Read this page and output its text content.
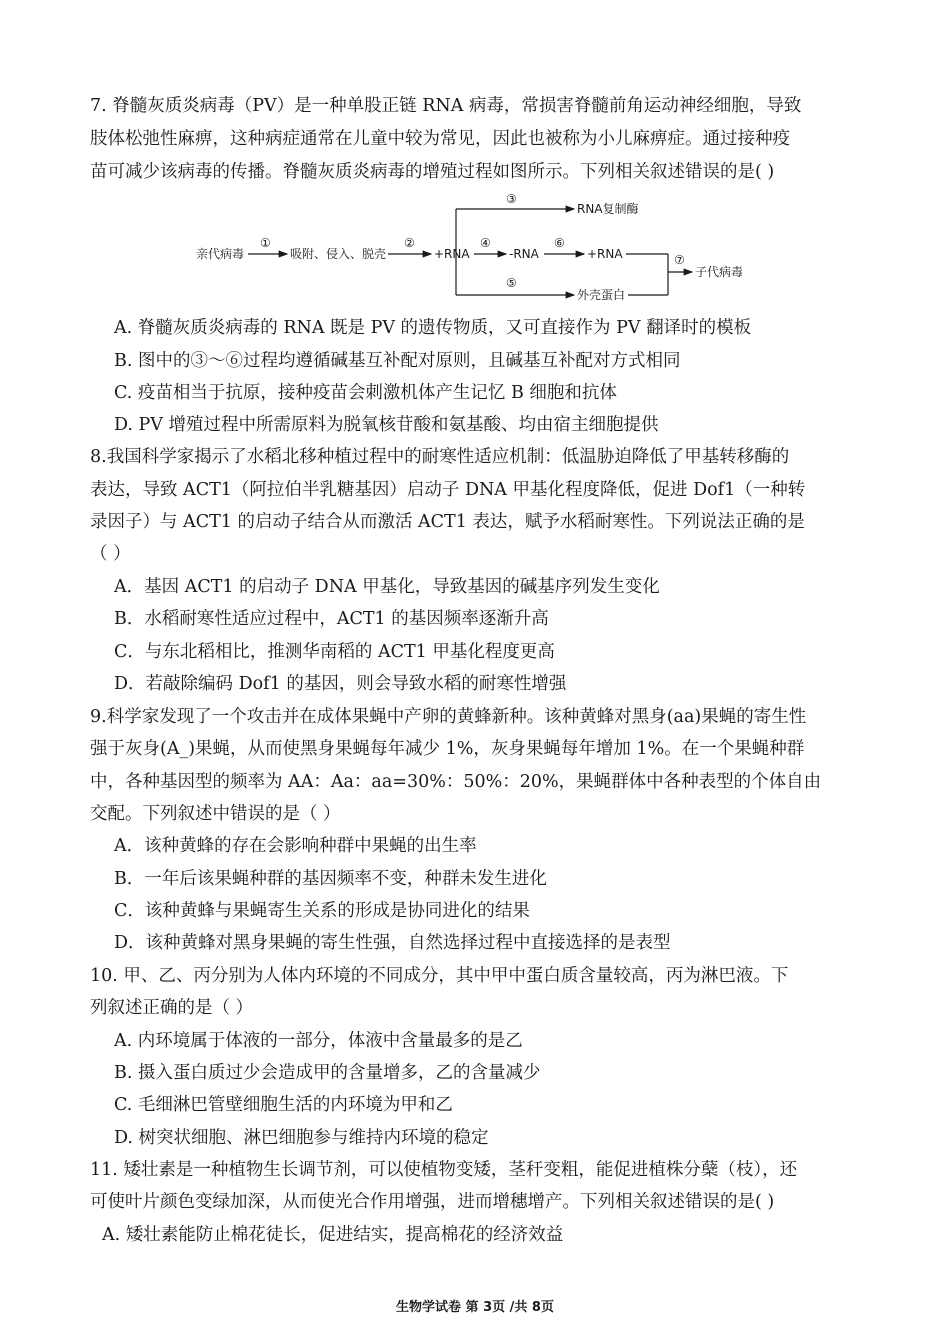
7. 脊髓灰质炎病毒（PV）是一种单股正链 RNA 病毒，常损害脊髓前角运动神经细胞，导致
肢体松弛性麻痹，这种病症通常在儿童中较为常见，因此也被称为小儿麻痹症。通过接种疫
苗可减少该病毒的传播。脊髓灰质炎病毒的增殖过程如图所示。下列相关叙述错误的是( )
亲代病毒
①
吸附、侵入、脱壳
②
+RNA
③
RNA复制酶
④
-RNA
⑥
+RNA
⑤
外壳蛋白
⑦
子代病毒
A. 脊髓灰质炎病毒的 RNA 既是 PV 的遗传物质，又可直接作为 PV 翻译时的模板
B. 图中的③～⑥过程均遵循碱基互补配对原则，且碱基互补配对方式相同
C. 疫苗相当于抗原，接种疫苗会刺激机体产生记忆 B 细胞和抗体
D. PV 增殖过程中所需原料为脱氧核苷酸和氨基酸、均由宿主细胞提供
8.我国科学家揭示了水稻北移种植过程中的耐寒性适应机制：低温胁迫降低了甲基转移酶的
表达，导致 ACT1（阿拉伯半乳糖基因）启动子 DNA 甲基化程度降低，促进 Dof1（一种转
录因子）与 ACT1 的启动子结合从而激活 ACT1 表达，赋予水稻耐寒性。下列说法正确的是
（ ）
A．基因 ACT1 的启动子 DNA 甲基化，导致基因的碱基序列发生变化
B．水稻耐寒性适应过程中，ACT1 的基因频率逐渐升高
C．与东北稻相比，推测华南稻的 ACT1 甲基化程度更高
D．若敲除编码 Dof1 的基因，则会导致水稻的耐寒性增强
9.科学家发现了一个攻击并在成体果蝇中产卵的黄蜂新种。该种黄蜂对黑身(aa)果蝇的寄生性
强于灰身(A_)果蝇，从而使黑身果蝇每年减少 1%，灰身果蝇每年增加 1%。在一个果蝇种群
中，各种基因型的频率为 AA：Aa：aa=30%：50%：20%，果蝇群体中各种表型的个体自由
交配。下列叙述中错误的是（ ）
A．该种黄蜂的存在会影响种群中果蝇的出生率
B．一年后该果蝇种群的基因频率不变，种群未发生进化
C．该种黄蜂与果蝇寄生关系的形成是协同进化的结果
D．该种黄蜂对黑身果蝇的寄生性强，自然选择过程中直接选择的是表型
10. 甲、乙、丙分别为人体内环境的不同成分，其中甲中蛋白质含量较高，丙为淋巴液。下
列叙述正确的是（ ）
A. 内环境属于体液的一部分，体液中含量最多的是乙
B. 摄入蛋白质过少会造成甲的含量增多，乙的含量减少
C. 毛细淋巴管壁细胞生活的内环境为甲和乙
D. 树突状细胞、淋巴细胞参与维持内环境的稳定
11. 矮壮素是一种植物生长调节剂，可以使植物变矮，茎秆变粗，能促进植株分蘖（枝），还
可使叶片颜色变绿加深，从而使光合作用增强，进而增穗增产。下列相关叙述错误的是( )
A. 矮壮素能防止棉花徒长，促进结实，提高棉花的经济效益
生物学试卷 第 3页 /共 8页
